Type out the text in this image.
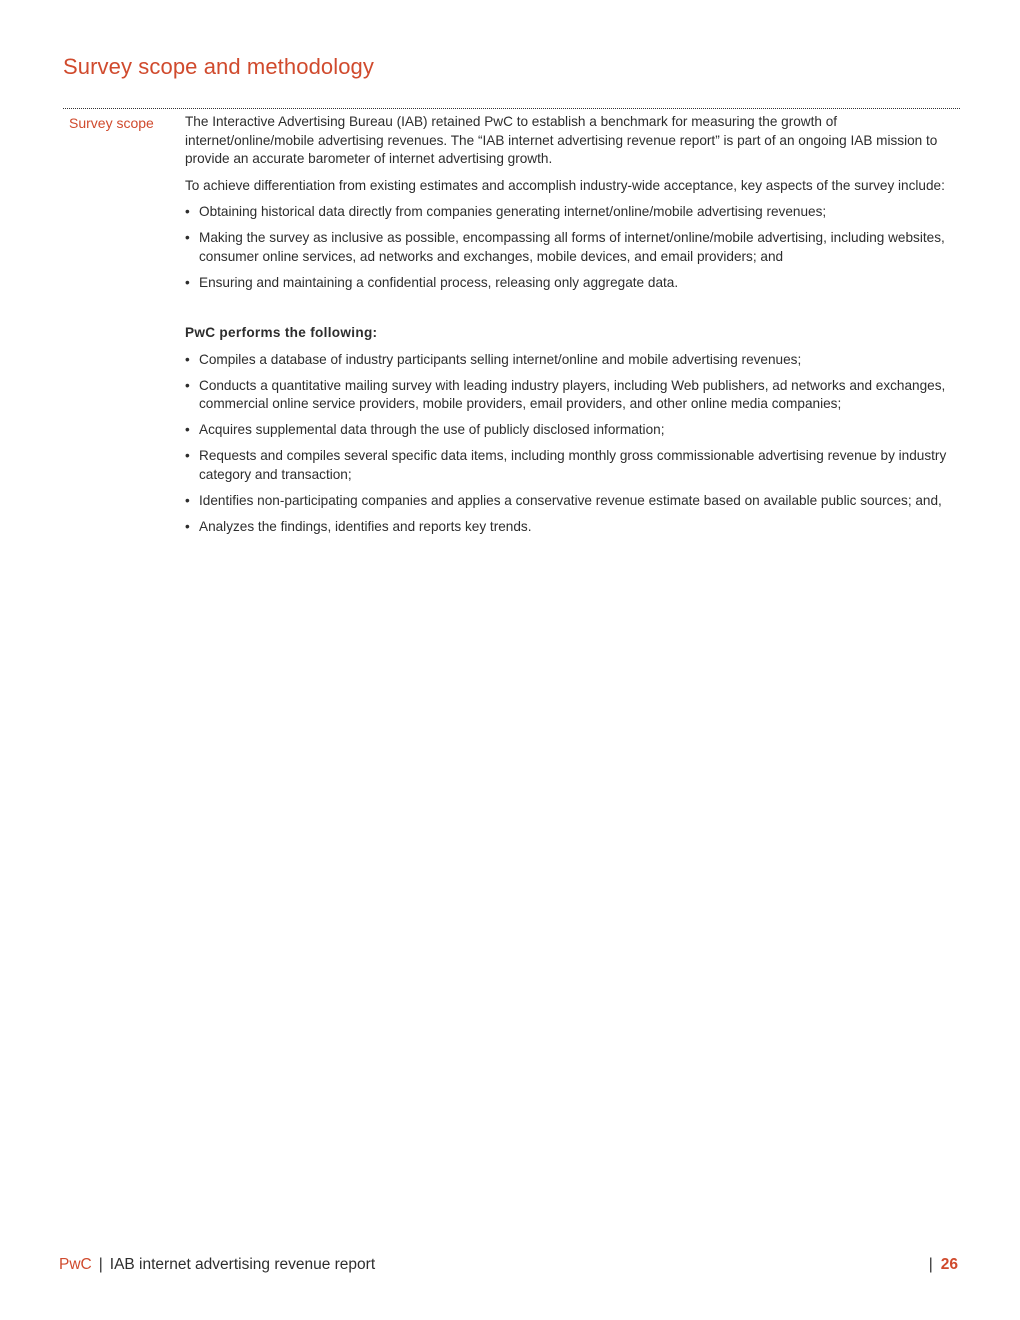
Survey scope and methodology
Survey scope The Interactive Advertising Bureau (IAB) retained PwC to establish a benchmark for measuring the growth of internet/online/mobile advertising revenues. The “IAB internet advertising revenue report” is part of an ongoing IAB mission to provide an accurate barometer of internet advertising growth.

To achieve differentiation from existing estimates and accomplish industry-wide acceptance, key aspects of the survey include:

• Obtaining historical data directly from companies generating internet/online/mobile advertising revenues;
• Making the survey as inclusive as possible, encompassing all forms of internet/online/mobile advertising, including websites, consumer online services, ad networks and exchanges, mobile devices, and email providers; and
• Ensuring and maintaining a confidential process, releasing only aggregate data.
PwC performs the following:
• Compiles a database of industry participants selling internet/online and mobile advertising revenues;
• Conducts a quantitative mailing survey with leading industry players, including Web publishers, ad networks and exchanges, commercial online service providers, mobile providers, email providers, and other online media companies;
• Acquires supplemental data through the use of publicly disclosed information;
• Requests and compiles several specific data items, including monthly gross commissionable advertising revenue by industry category and transaction;
• Identifies non-participating companies and applies a conservative revenue estimate based on available public sources; and,
• Analyzes the findings, identifies and reports key trends.
PwC | IAB internet advertising revenue report	| 26
